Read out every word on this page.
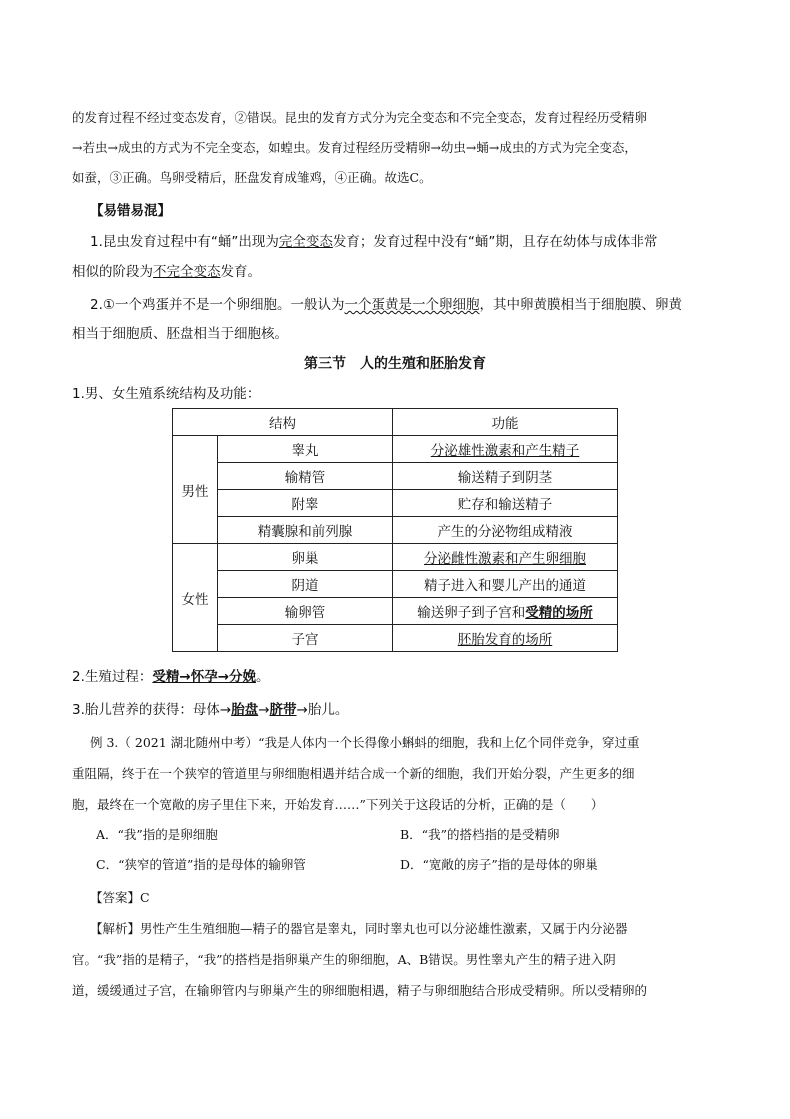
的发育过程不经过变态发育，②错误。昆虫的发育方式分为完全变态和不完全变态，发育过程经历受精卵
→若虫→成虫的方式为不完全变态，如蝗虫。发育过程经历受精卵→幼虫→蛹→成虫的方式为完全变态，
如蚕，③正确。鸟卵受精后，胚盘发育成雏鸡，④正确。故选C。
【易错易混】
1.昆虫发育过程中有“蛹”出现为完全变态发育；发育过程中没有“蛹”期，且存在幼体与成体非常
相似的阶段为不完全变态发育。
2.①一个鸡蛋并不是一个卵细胞。一般认为一个蛋黄是一个卵细胞，其中卵黄膜相当于细胞膜、卵黄
相当于细胞质、胚盘相当于细胞核。
第三节　人的生殖和胚胎发育
1.男、女生殖系统结构及功能：
结构		功能
男性	睾丸	分泌雄性激素和产生精子
	输精管	输送精子到阴茎
	附睾	贮存和输送精子
	精囊腺和前列腺	产生的分泌物组成精液
女性	卵巢	分泌雌性激素和产生卵细胞
	阴道	精子进入和婴儿产出的通道
	输卵管	输送卵子到子宫和受精的场所
	子宫	胚胎发育的场所
2.生殖过程：受精→怀孕→分娩。
3.胎儿营养的获得：母体→胎盘→脐带→胎儿。
例 3.（ 2021 湖北随州中考）“我是人体内一个长得像小蝌蚪的细胞，我和上亿个同伴竞争，穿过重
重阻隔，终于在一个狭窄的管道里与卵细胞相遇并结合成一个新的细胞，我们开始分裂，产生更多的细
胞，最终在一个宽敞的房子里住下来，开始发育……”下列关于这段话的分析，正确的是（　　）
A．“我”指的是卵细胞	B．“我”的搭档指的是受精卵
C．“狭窄的管道”指的是母体的输卵管	D．“宽敞的房子”指的是母体的卵巢
【答案】C
【解析】男性产生生殖细胞—精子的器官是睾丸，同时睾丸也可以分泌雄性激素，又属于内分泌器
官。“我”指的是精子，“我”的搭档是指卵巢产生的卵细胞，A、B错误。男性睾丸产生的精子进入阴
道，缓缓通过子宫，在输卵管内与卵巢产生的卵细胞相遇，精子与卵细胞结合形成受精卵。所以受精卵的
